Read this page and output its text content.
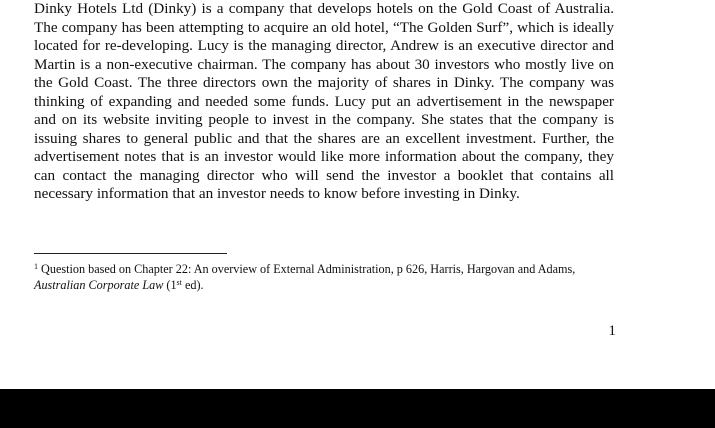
Dinky Hotels Ltd (Dinky) is a company that develops hotels on the Gold Coast of Australia. The company has been attempting to acquire an old hotel, “The Golden Surf”, which is ideally located for re-developing. Lucy is the managing director, Andrew is an executive director and Martin is a non-executive chairman. The company has about 30 investors who mostly live on the Gold Coast. The three directors own the majority of shares in Dinky. The company was thinking of expanding and needed some funds. Lucy put an advertisement in the newspaper and on its website inviting people to invest in the company. She states that the company is issuing shares to general public and that the shares are an excellent investment. Further, the advertisement notes that is an investor would like more information about the company, they can contact the managing director who will send the investor a booklet that contains all necessary information that an investor needs to know before investing in Dinky.

$^1$ Question based on Chapter 22: An overview of External Administration, p 626, Harris, Hargovan and Adams, Australian Corporate Law (1st ed).

1
